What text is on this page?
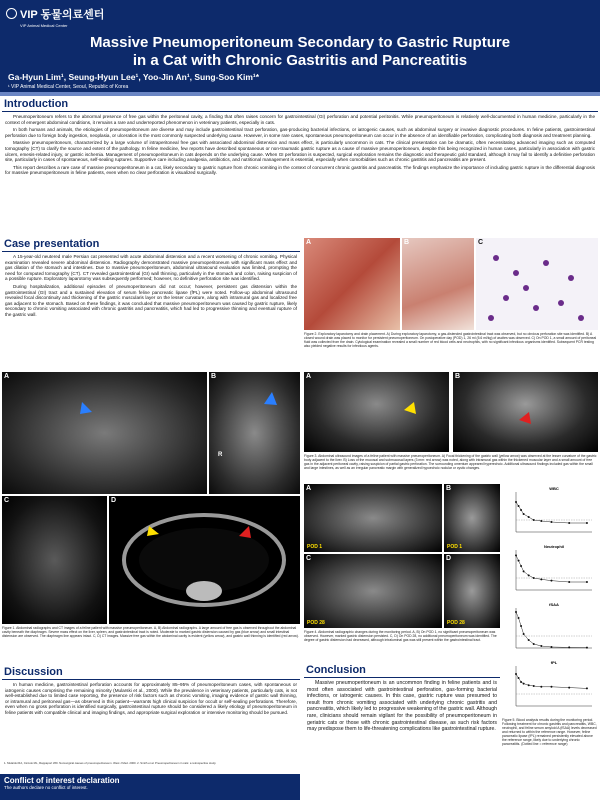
VIP 동물의료센터
VIP Animal Medical Center
Massive Pneumoperitoneum Secondary to Gastric Rupture
in a Cat with Chronic Gastritis and Pancreatitis
Ga-Hyun Lim¹, Seung-Hyun Lee¹, Yoo-Jin An¹, Sung-Soo Kim¹*
¹ VIP Animal Medical Center, Seoul, Republic of Korea
Introduction

Pneumoperitoneum refers to the abnormal presence of free gas within the peritoneal cavity, a finding that often raises concern for gastrointestinal (GI) perforation and potential peritonitis. While pneumoperitoneum is relatively well-documented in human medicine, particularly in the context of emergent abdominal conditions, it remains a rare and underreported phenomenon in veterinary patients, especially in cats.

In both humans and animals, the etiologies of pneumoperitoneum are diverse and may include gastrointestinal tract perforation, gas-producing bacterial infections, or iatrogenic causes, such as abdominal surgery or invasive diagnostic procedures. In feline patients, gastrointestinal perforation due to foreign body ingestion, neoplasia, or ulceration is the most commonly suspected underlying cause. However, in some rare cases, spontaneous pneumoperitoneum can occur in the absence of an identifiable perforation, complicating both diagnosis and treatment planning.

Massive pneumoperitoneum, characterized by a large volume of intraperitoneal free gas with associated abdominal distension and mass effect, is particularly uncommon in cats. The clinical presentation can be dramatic, often necessitating advanced imaging such as computed tomography (CT) to clarify the source and extent of the pathology. In feline medicine, few reports have described spontaneous or non-traumatic gastric rupture as a cause of massive pneumoperitoneum, despite this being recognized in human cases, particularly in association with gastric ulcers, emesis-related injury, or gastric ischemia. Management of pneumoperitoneum in cats depends on the underlying cause. When GI perforation is suspected, surgical exploration remains the diagnostic and therapeutic gold standard, although it may fail to identify a definitive perforation site, particularly in cases of spontaneous, self-sealing ruptures. Supportive care including analgesia, antibiotics, and nutritional management is essential, especially when comorbidities such as chronic gastritis and pancreatitis are present.

This report describes a rare case of massive pneumoperitoneum in a cat, likely secondary to gastric rupture from chronic vomiting in the context of concurrent chronic gastritis and pancreatitis. The findings emphasize the importance of including gastric rupture in the differential diagnosis for massive pneumoperitoneum in feline patients, even when no clear perforation is visualized surgically.

Case presentation

A 15-year-old neutered male Persian cat presented with acute abdominal distension and a recent worsening of chronic vomiting. Physical examination revealed severe abdominal distension. Radiography demonstrated massive pneumoperitoneum with significant mass effect and gas dilation of the stomach and intestines. Due to massive pneumoperitoneum, abdominal ultrasound evaluation was limited, prompting the need for computed tomography (CT). CT revealed gastrointestinal (GI) wall thinning, particularly in the stomach and colon, raising suspicion of a possible rupture. Exploratory laparotomy was subsequently performed; however, no definitive perforation site was identified.

During hospitalization, additional episodes of pneumoperitoneum did not occur; however, persistent gas distension within the gastrointestinal (GI) tract and a sustained elevation of serum feline pancreatic lipase (fPL) were noted. Follow-up abdominal ultrasound revealed focal discontinuity and thickening of the gastric muscularis layer on the lesser curvature, along with intramural gas and localized free gas adjacent to the stomach. Based on these findings, it was concluded that massive pneumoperitoneum was caused by gastric rupture, likely secondary to chronic vomiting associated with chronic gastritis and pancreatitis, which had led to progressive thinning and eventual rupture of the gastric wall.

A	B	C
Figure 2. Exploratory laparotomy and drain placement. A) During exploratory laparotomy, a gas-distended gastrointestinal tract was observed, but no obvious perforation site was identified. B) A closed wound drain was placed to monitor for persistent pneumoperitoneum. On postoperative day (POD) 1, 26 ml (5.6 ml/kg) of ascites was observed. C) On POD 1, a small amount of peritoneal fluid was collected from the drain. Cytological examination revealed a small number of red blood cells and neutrophils, with no significant infectious organisms identified. Subsequent PCR testing also yielded negative results for infectious agents.
A	B
C	D
R
Figure 1. Abdominal radiographs and CT images of a feline patient with massive pneumoperitoneum. A, B) Abdominal radiographs. A large amount of free gas is observed throughout the abdominal cavity beneath the diaphragm. Severe mass effect on the liver, spleen, and gastrointestinal tract is noted. Moderate to marked gastric distension caused by gas (blue arrow) and small intestinal distension are observed. The diaphragm line appears intact. C, D) CT images. Massive free gas within the abdominal cavity is evident (yellow arrow), and gastric wall thinning is identified (red arrow).
A	B
Figure 3. Abdominal ultrasound images of a feline patient with massive pneumoperitoneum. A) Focal thickening of the gastric wall (yellow arrow) was observed at the lesser curvature of the gastric body adjacent to the liver. B) Loss of the mucosal and submucosal layers (3 mm: red arrow) was noted, along with intramural gas within the thickened muscular layer and a small amount of free gas in the adjacent peritoneal cavity, raising suspicion of partial gastric perforation. The surrounding omentum appeared hyperechoic. Additional ultrasound findings included gas within the small and large intestines, as well as an irregular pancreatic margin with generalized hypoechoic nodular or cystic changes.
A	B
C	D
POD 1	POD 1
POD 28	POD 28
Figure 4. Abdominal radiographic changes during the monitoring period. A, B) On POD 1, no significant pneumoperitoneum was observed. However, marked gastric distension persisted. C, D) On POD 28, no additional pneumoperitoneum was identified. The degree of gastric distension had decreased, although intraluminal gas was still present within the gastrointestinal tract.
WBC
Neutrophil
fSAA
fPL
Figure 5. Blood analysis results during the monitoring period. Following treatment for chronic gastritis and pancreatitis, WBC, neutrophil, and feline serum amyloid A (fSAA) levels decreased and returned to within the reference range. However, feline pancreatic lipase (fPL) remained persistently elevated above the reference range, likely due to underlying chronic pancreatitis. (Dotted line = reference range)
Discussion

In human medicine, gastrointestinal perforation accounts for approximately 85–95% of pneumoperitoneum cases, with spontaneous or iatrogenic causes comprising the remaining minority (Mularski et al., 2000). While the prevalence in veterinary patients, particularly cats, is not well-established due to limited case reporting, the presence of risk factors such as chronic vomiting, imaging evidence of gastric wall thinning, or intramural and peritoneal gas—as observed in this patient—warrants high clinical suspicion for occult or self-sealing perforations. Therefore, even when no gross perforation is identified surgically, gastrointestinal rupture should be considered a likely etiology of pneumoperitoneum in feline patients with compatible clinical and imaging findings, and appropriate surgical exploration or intensive monitoring should be pursued.

1. Mularski RA, Ciccolo ML, Rappaport WD. Nonsurgical causes of pneumoperitoneum. West J Med. 2000. 2. Smith et al. Pneumoperitoneum in cats: a retrospective study.
Conclusion

Massive pneumoperitoneum is an uncommon finding in feline patients and is most often associated with gastrointestinal perforation, gas-forming bacterial infections, or iatrogenic causes. In this case, gastric rupture was presumed to result from chronic vomiting associated with underlying chronic gastritis and pancreatitis, which likely led to progressive weakening of the gastric wall. Although rare, clinicians should remain vigilant for the possibility of pneumoperitoneum in geriatric cats or those with chronic gastrointestinal disease, as such risk factors may predispose them to life-threatening complications like gastrointestinal rupture.

Conflict of interest declaration
The authors declare no conflict of interest.
